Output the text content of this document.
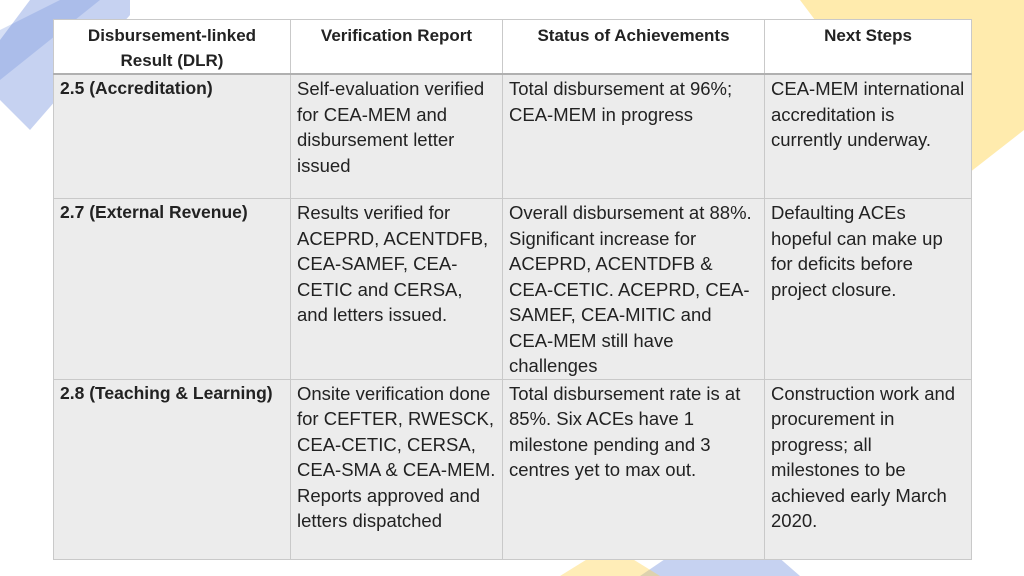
Disbursement-linked Result (DLR)	Verification Report	Status of Achievements	Next Steps
2.5 (Accreditation)	Self-evaluation verified for CEA-MEM and disbursement letter issued	Total disbursement at 96%; CEA-MEM in progress	CEA-MEM international accreditation is currently underway.
2.7 (External Revenue)	Results verified for ACEPRD, ACENTDFB, CEA-SAMEF, CEA-CETIC and CERSA, and letters issued.	Overall disbursement at 88%. Significant increase for ACEPRD, ACENTDFB & CEA-CETIC. ACEPRD, CEA-SAMEF, CEA-MITIC and CEA-MEM still have challenges	Defaulting ACEs hopeful can make up for deficits before project closure.
2.8 (Teaching & Learning)	Onsite verification done for CEFTER, RWESCK, CEA-CETIC, CERSA, CEA-SMA & CEA-MEM. Reports approved and letters dispatched	Total disbursement rate is at 85%. Six ACEs have 1 milestone pending and 3 centres yet to max out.	Construction work and procurement in progress; all milestones to be achieved early March 2020.
